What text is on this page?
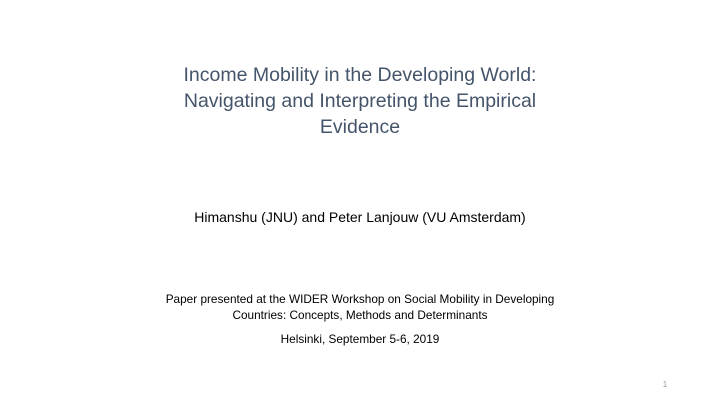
Income Mobility in the Developing World:
Navigating and Interpreting the Empirical
Evidence
Himanshu (JNU) and Peter Lanjouw (VU Amsterdam)
Paper presented at the WIDER Workshop on Social Mobility in Developing
Countries: Concepts, Methods and Determinants
Helsinki, September 5-6, 2019
1
